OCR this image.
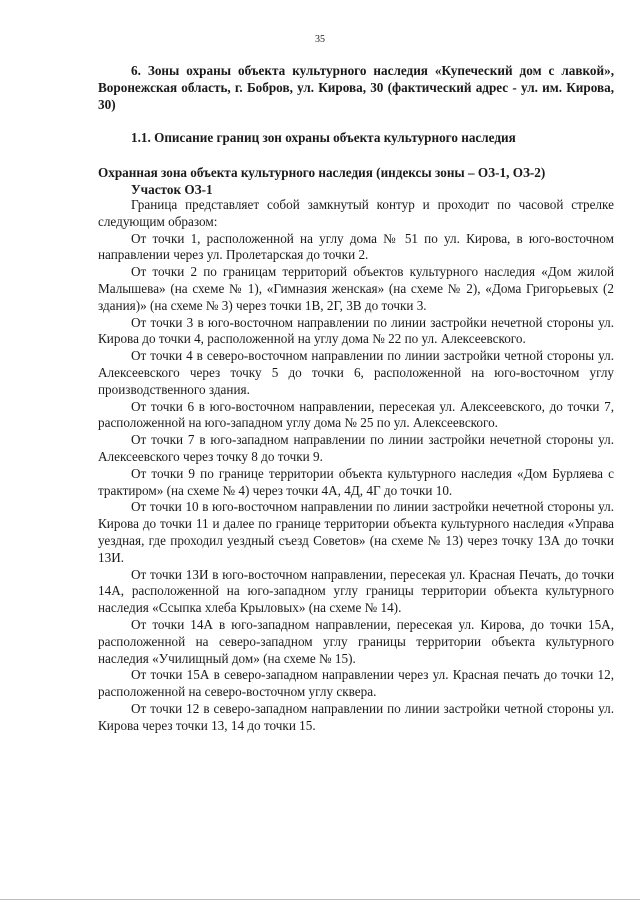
35
6. Зоны охраны объекта культурного наследия «Купеческий дом с лавкой», Воронежская область, г. Бобров, ул. Кирова, 30 (фактический адрес - ул. им. Кирова, 30)
1.1. Описание границ зон охраны объекта культурного наследия
Охранная зона объекта культурного наследия (индексы зоны – ОЗ-1, ОЗ-2)
Участок ОЗ-1

Граница представляет собой замкнутый контур и проходит по часовой стрелке следующим образом:

От точки 1, расположенной на углу дома № 51 по ул. Кирова, в юго-восточном направлении через ул. Пролетарская до точки 2.

От точки 2 по границам территорий объектов культурного наследия «Дом жилой Малышева» (на схеме № 1), «Гимназия женская» (на схеме № 2), «Дома Григорьевых (2 здания)» (на схеме № 3) через точки 1В, 2Г, 3В до точки 3.

От точки 3 в юго-восточном направлении по линии застройки нечетной стороны ул. Кирова до точки 4, расположенной на углу дома № 22 по ул. Алексеевского.

От точки 4 в северо-восточном направлении по линии застройки четной стороны ул. Алексеевского через точку 5 до точки 6, расположенной на юго-восточном углу производственного здания.

От точки 6 в юго-восточном направлении, пересекая ул. Алексеевского, до точки 7, расположенной на юго-западном углу дома № 25 по ул. Алексеевского.

От точки 7 в юго-западном направлении по линии застройки нечетной стороны ул. Алексеевского через точку 8 до точки 9.

От точки 9 по границе территории объекта культурного наследия «Дом Бурляева с трактиром» (на схеме № 4) через точки 4А, 4Д, 4Г до точки 10.

От точки 10 в юго-восточном направлении по линии застройки нечетной стороны ул. Кирова до точки 11 и далее по границе территории объекта культурного наследия «Управа уездная, где проходил уездный съезд Советов» (на схеме № 13) через точку 13А до точки 13И.

От точки 13И в юго-восточном направлении, пересекая ул. Красная Печать, до точки 14А, расположенной на юго-западном углу границы территории объекта культурного наследия «Ссыпка хлеба Крыловых» (на схеме № 14).

От точки 14А в юго-западном направлении, пересекая ул. Кирова, до точки 15А, расположенной на северо-западном углу границы территории объекта культурного наследия «Училищный дом» (на схеме № 15).

От точки 15А в северо-западном направлении через ул. Красная печать до точки 12, расположенной на северо-восточном углу сквера.

От точки 12 в северо-западном направлении по линии застройки четной стороны ул. Кирова через точки 13, 14 до точки 15.
